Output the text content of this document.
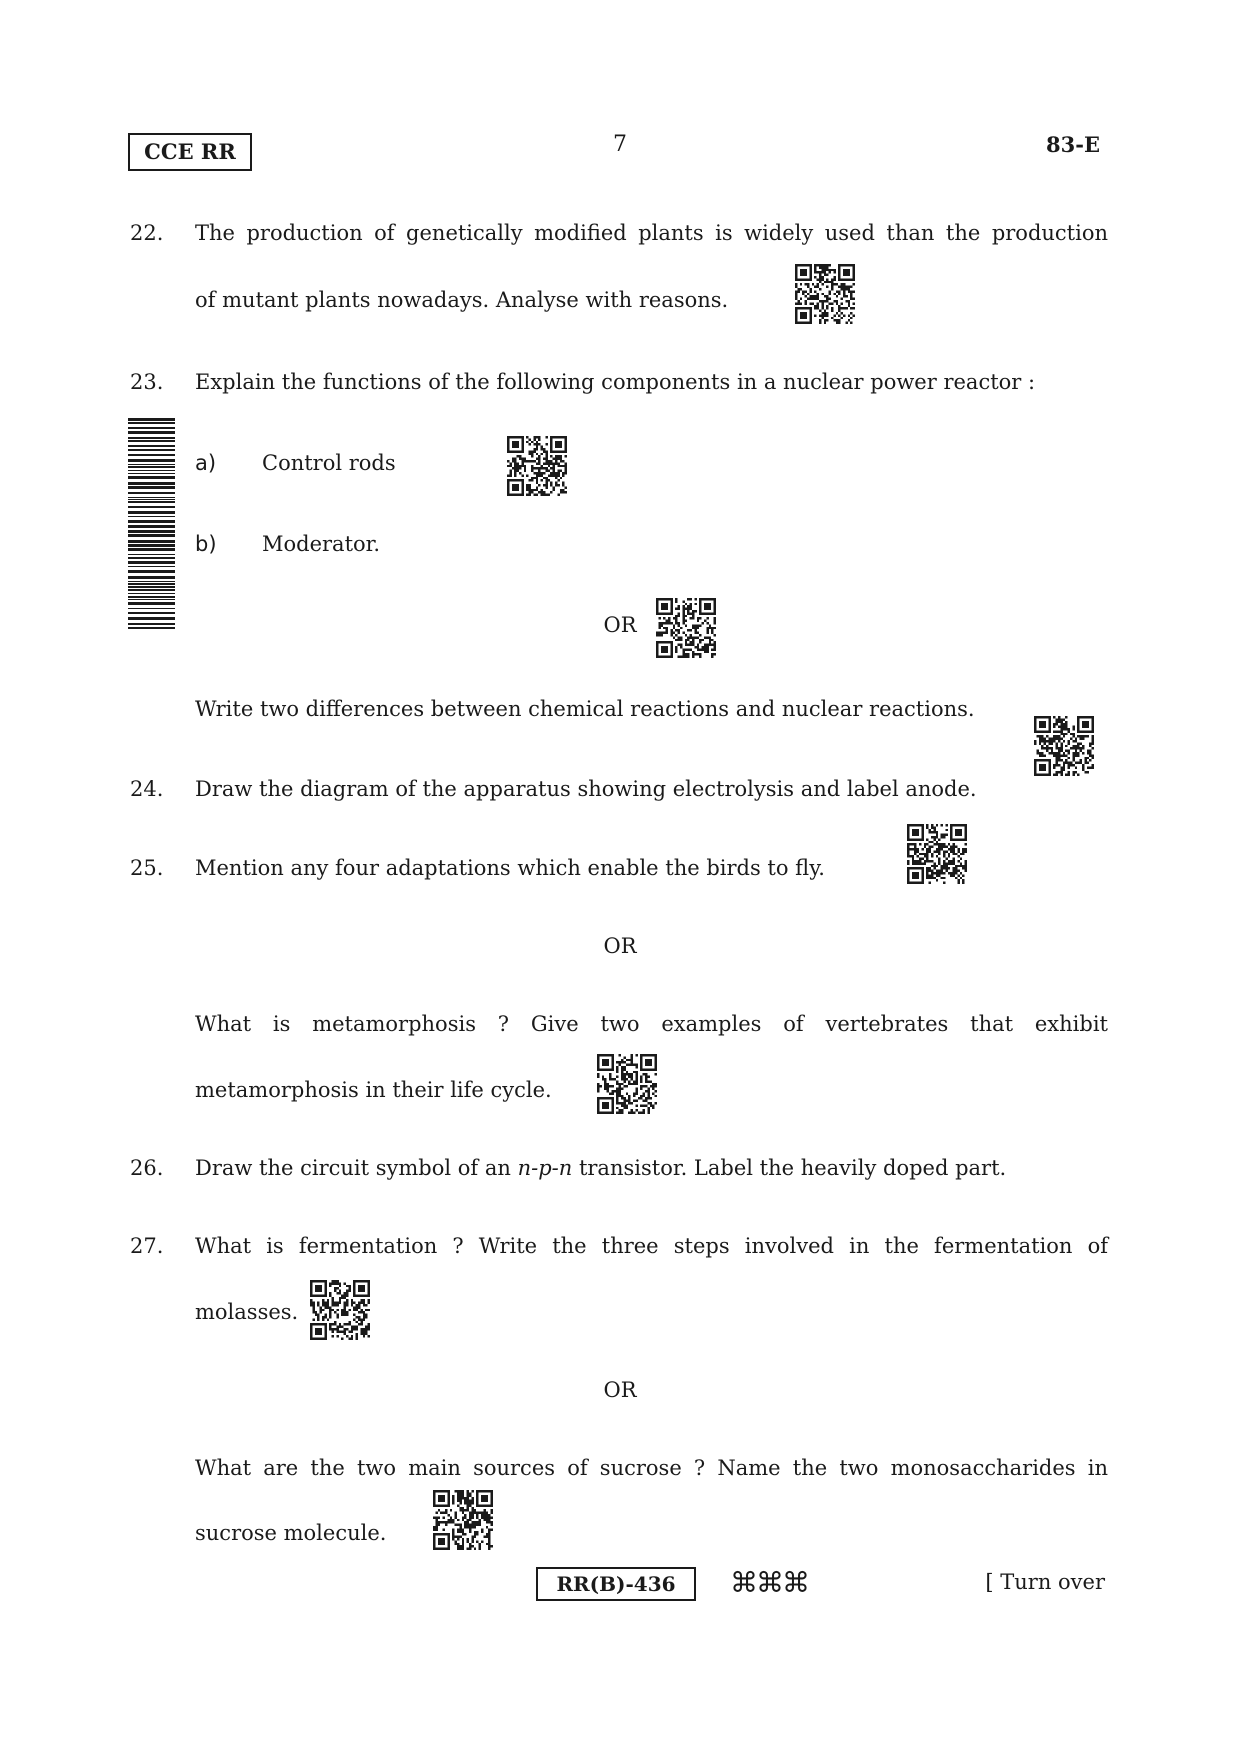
CCE RR	7	83-E
22.	The production of genetically modified plants is widely used than the production
of mutant plants nowadays. Analyse with reasons.
23.	Explain the functions of the following components in a nuclear power reactor :
a) Control rods
b) Moderator.
OR
Write two differences between chemical reactions and nuclear reactions.
24.	Draw the diagram of the apparatus showing electrolysis and label anode.
25.	Mention any four adaptations which enable the birds to fly.
OR
What is metamorphosis ? Give two examples of vertebrates that exhibit
metamorphosis in their life cycle.
26.	Draw the circuit symbol of an n-p-n transistor. Label the heavily doped part.
27.	What is fermentation ? Write the three steps involved in the fermentation of
molasses.
OR
What are the two main sources of sucrose ? Name the two monosaccharides in
sucrose molecule.
RR(B)-436	⌘⌘⌘	[ Turn over
